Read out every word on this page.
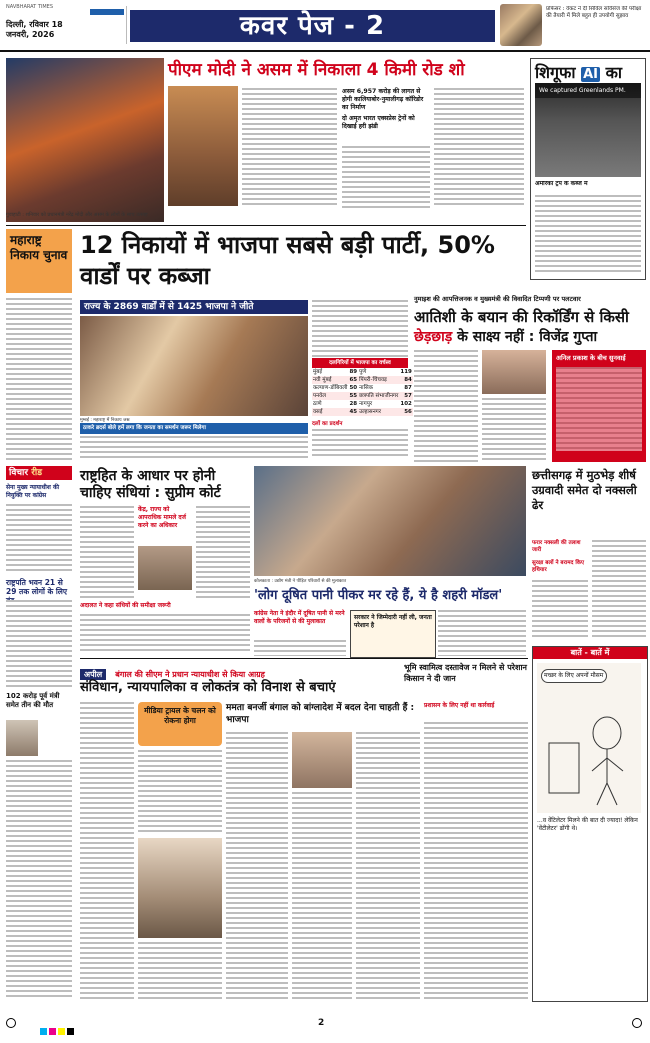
NAVBHARAT TIMES
दिल्ली, रविवार 18 जनवरी, 2026	कवर पेज - 2
प्रोफेसर : वेंकट ने दी सिविल सर्विसेज की परीक्षा की तैयारी में मिले बहुत ही उपयोगी सुझाव
पीएम मोदी ने असम में निकाला 4 किमी रोड शो
असम 6,957 करोड़ की लागत से होगी कालियाबोर-नुमालीगढ़ कॉरिडोर का निर्माण
दो अमृत भारत एक्सप्रेस ट्रेनों को दिखाई हरी झंडी
गुवाहाटी : शनिवार को प्रधानमंत्री नरेंद्र मोदी और असम के लोगों के साथ उत्साह
शिगूफा AI का
We captured Greenlands PM.
अमेरिका ट्रंप के कब्जे में
महाराष्ट्र निकाय चुनाव 12 निकायों में भाजपा सबसे बड़ी पार्टी, 50% वार्डों पर कब्जा
राज्य के 2869 वार्डों में से 1425 भाजपा ने जीते
मुम्बई : महाराष्ट्र में निकाय जश्न
ठाकरे ब्रदर्स बोले हमें लगा कि जनता का समर्थन जरूर मिलेगा
दलगिरियों में भाजपा का वर्चस्व
मुंबई	89	पुणे	119
नवी मुंबई	65	पिंपरी-चिंचवड़	84
कल्याण-डोंबिवली	50	नासिक	87
पनवेल	55	छत्रपति संभाजीनगर	57
ठाणे	28	नागपुर	102
वसई	45	उल्हासनगर	56
दलों का प्रदर्शन
नुमाइश की आपत्तिजनक व मुख्यमंत्री की विवादित टिप्पणी पर पलटवार
आतिशी के बयान की रिकॉर्डिंग से किसी
छेड़छाड़ के साक्ष्य नहीं : विजेंद्र गुप्ता
अनिल प्रकाश के बीच सुनवाई
विचार रीड
सेना मुख्य न्यायाधीश की नियुक्ति पर कांग्रेस
राष्ट्रपति भवन 21 से 29 तक लोगों के लिए
102 करोड़ पूर्व मंत्री समेत तीन की मौत
राष्ट्रहित के आधार पर होनी चाहिए संधियां : सुप्रीम कोर्ट
केंद्र, राज्य को आपराधिक मामले दर्ज करने का अधिकार
अदालत ने कहा संधियों की समीक्षा जरूरी
कोलकाता : उद्योग मंत्री ने पीड़ित परिवारों से की मुलाकात
'लोग दूषित पानी पीकर मर रहे हैं, ये है शहरी मॉडल'
कांग्रेस नेता ने इंदौर में दूषित पानी से मरने वालों के परिजनों से की मुलाकात
सरकार ने जिम्मेदारी नहीं ली, जनता परेशान है
छत्तीसगढ़ में मुठभेड़ शीर्ष उग्रवादी समेत दो नक्सली ढेर
फरार नक्सली की तलाश जारी
सुरक्षा बलों ने बरामद किए हथियार
बातें - बातें में
मच्छर के लिए अपनों मौसम
...व वेंटिलेटर मिलने की बात दी ज्यादा! लेकिन 'वेंटीलेटर' ढोंगी थे।
अपील बंगाल की सीएम ने प्रधान न्यायाधीश से किया आग्रह
संविधान, न्यायपालिका व लोकतंत्र को विनाश से बचाएं
मीडिया ट्रायल के चलन को रोकना होगा
ममता बनर्जी बंगाल को बांग्लादेश में बदल देना चाहती हैं : भाजपा
भूमि स्वामित्व दस्तावेज न मिलने से परेशान किसान ने दी जान
प्रशासन के लिए नहीं था कार्रवाई
2
